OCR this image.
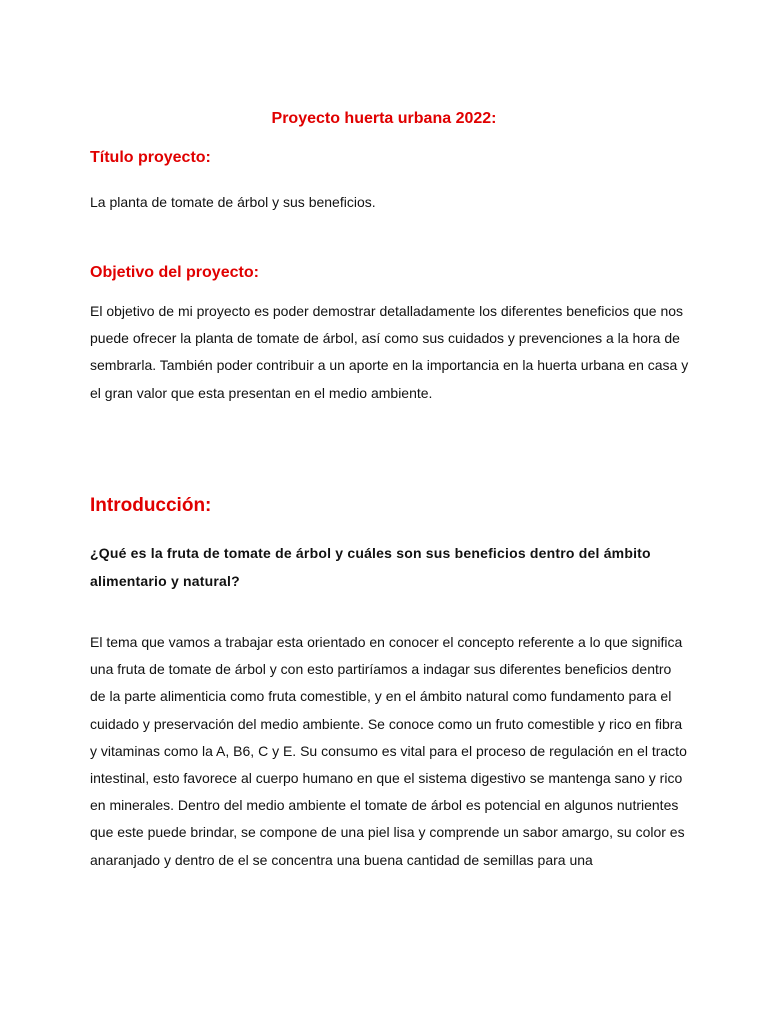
Proyecto huerta urbana 2022:
Título proyecto:

La planta de tomate de árbol y sus beneficios.

Objetivo del proyecto:

El objetivo de mi proyecto es poder demostrar detalladamente los diferentes beneficios que nos puede ofrecer la planta de tomate de árbol, así como sus cuidados y prevenciones a la hora de sembrarla. También poder contribuir a un aporte en la importancia en la huerta urbana en casa y el gran valor que esta presentan en el medio ambiente.

Introducción:

¿Qué es la fruta de tomate de árbol y cuáles son sus beneficios dentro del ámbito alimentario y natural?

El tema que vamos a trabajar esta orientado en conocer el concepto referente a lo que significa una fruta de tomate de árbol y con esto partiríamos a indagar sus diferentes beneficios dentro de la parte alimenticia como fruta comestible, y en el ámbito natural como fundamento para el cuidado y preservación del medio ambiente. Se conoce como un fruto comestible y rico en fibra y vitaminas como la A, B6, C y E. Su consumo es vital para el proceso de regulación en el tracto intestinal, esto favorece al cuerpo humano en que el sistema digestivo se mantenga sano y rico en minerales. Dentro del medio ambiente el tomate de árbol es potencial en algunos nutrientes que este puede brindar, se compone de una piel lisa y comprende un sabor amargo, su color es anaranjado y dentro de el se concentra una buena cantidad de semillas para una
